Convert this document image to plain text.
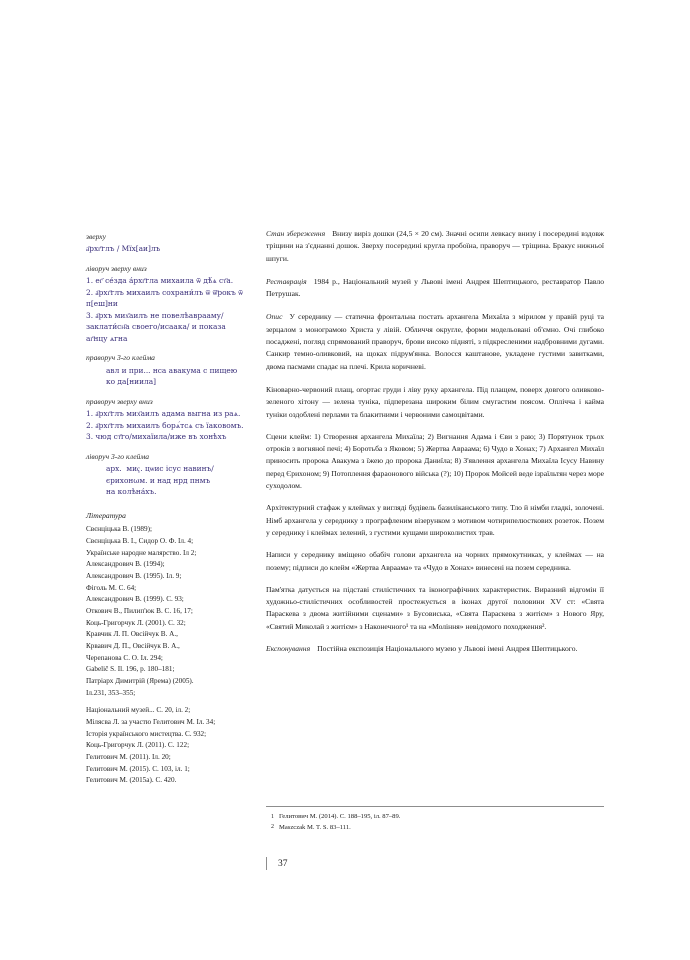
зверху
а҃рхг҃глъ / Мїх[аи]лъ
ліворуч зверху вниз
1. ег҃ се́зда а́рхг҃гла михаила ѿ дѣ́ѧ ст҃а.
2. а҃рхг҃глъ михаилъ сохрани́лъ ѿ ѿ҃рокъ ѿ п[еш]ни
3. а҃рхъ мих҃аилъ не повелѣаврааму/ заклати́сн҃а своего/исаака/ и показа  аг҃нцу ѧгна
праворуч 3-го клейма
авл и при... нса авакума с пищею
ко да[ниила]
праворуч зверху вниз
1. а҃рхг҃глъ мих҃аилъ адама выгна из раѧ.
2. а҃рхг҃глъ михаилъ борѧ́тсѧ съ їаковомъ.
3. чюд ст҃го/михаїила/иже въ хонѣхъ
ліворуч 3-го клейма
арх.  миҁ. цѡис ісус навинъ/
єрихонωм. и над нрд пнмъ
на колѣна́хъ.
Література
Свєнціцька В. (1989);
Свєнціцька В. І., Сидор О. Ф. Іл. 4;
Українське народне малярство. Іл 2;
Александрович В. (1994);
Александрович В. (1995). Іл. 9;
Фіголь М. С. 64;
Александрович В. (1999). С. 93;
Откович В., Пилип'юк В. С. 16, 17;
Коць-Григорчук Л. (2001). С. 32;
Кравчик Л. П. Овсійчук В. А.,
Крвавич Д. П., Овсійчук В. А.,
Черепанова С. О. Іл. 294;
Gabelič S. Il. 196, p. 180–181;
Патріарх Димитрій (Ярема) (2005).
Іл.231, 353–355;
Національний музей... С. 20, іл. 2;
Мілясва Л. за участю Гелитович М. Іл. 34;
Історія українського мистецтва. С. 932;
Коць-Григорчук Л. (2011). С. 122;
Гелитович М. (2011). Іл. 20;
Гелитович М. (2015). С. 103, іл. 1;
Гелитович М. (2015a). С. 420.
Стан збереження Внизу виріз дошки (24,5 × 20 см). Значні осипи левкасу внизу і посередині вздовж тріщини на з'єднанні дошок. Зверху посередині кругла пробоїна, праворуч — тріщина. Бракує нижньої шпуги.
Реставрація 1984 р., Національний музей у Львові імені Андрея Шептицького, реставратор Павло Петрушак.
Опис У середнику — статична фронтальна постать архангела Михаїла з мірилом у правій руці та зерцалом з монограмою Христа у лівій. Обличчя округле, форми модельовані об'ємно. Очі глибоко посаджені, погляд спрямований праворуч, брови високо підняті, з підкресленими надбровними дугами. Санкир темно-оливковий, на щоках підрум'янка. Волосся каштанове, укладене густими завитками, двома пасмами спадає на плечі. Крила коричневі.

Кіноварно-червоний плащ, огортає груди і ліву руку архангела. Під плащем, поверх довгого оливково-зеленого хітону — зелена туніка, підперезана широким білим смугастим поясом. Оплічча і кайма туніки оздоблені перлами та блакитними і червоними самоцвітами.

Сцени клейм: 1) Створення архангела Михаїла; 2) Вигнання Адама і Єви з раю; 3) Порятунок трьох отроків з вогняної печі; 4) Боротьба з Яковом; 5) Жертва Авраама; 6) Чудо в Хонах; 7) Архангел Михаїл приносить пророка Авакума з їжею до пророка Даниїла; 8) З'явлення архангела Михаїла Ісусу Навину перед Єрихоном; 9) Потоплення фараонового війська (?); 10) Пророк Мойсей веде ізраїльтян через море суходолом.

Архітектурний стафаж у клеймах у вигляді будівель базиліканського типу. Тло й німби гладкі, золочені. Німб архангела у середнику з прографленим візерунком з мотивом чотирипелюсткових розеток. Позем у середнику і клеймах зелений, з густими кущами широколистих трав.

Написи у середнику вміщено обабіч голови архангела на чорних прямокутниках, у клеймах — на позему; підписи до клейм «Жертва Авраама» та «Чудо в Хонах» винесені на позем середника.

Пам'ятка датується на підставі стилістичних та іконографічних характеристик. Виразний відгомін її художньо-стилістичних особливостей простежується в іконах другої половини XV ст: «Свята Параскева з двома житійними сценами» з Бусовиська, «Свята Параскева з житієм» з Нового Яру, «Святий Миколай з житієм» з Наконечного¹ та на «Моління» невідомого походження².

Експонування Постійна експозиція Національного музею у Львові імені Андрея Шептицького.
1 Гелитович М. (2014). С. 188–195, іл. 87–89.
2 Maszczak M. T. S. 83–111.
37
